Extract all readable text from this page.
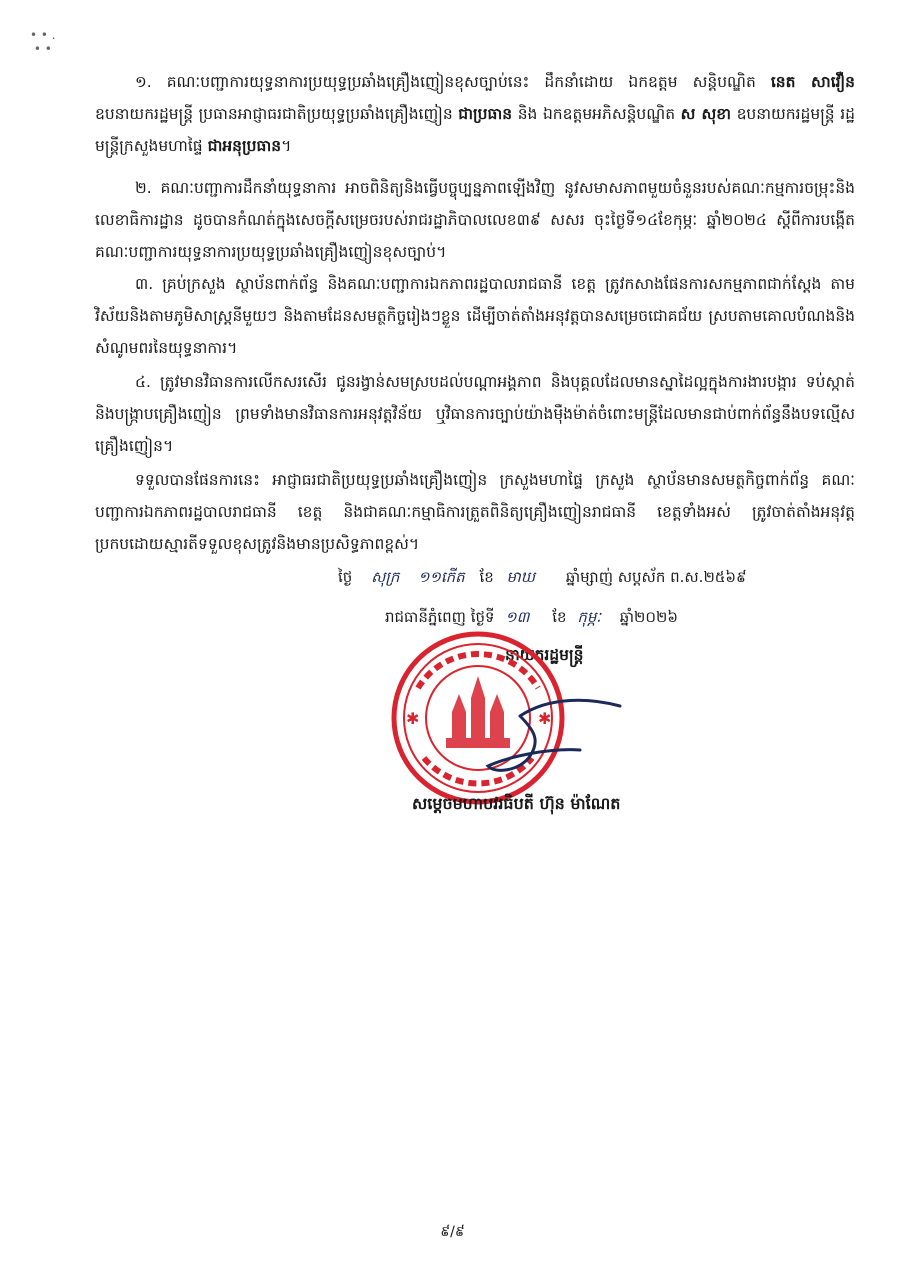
• • .
• •
១. គណៈបញ្ជាការយុទ្ធនាការប្រយុទ្ធប្រឆាំងគ្រឿងញៀនខុសច្បាប់នេះ ដឹកនាំដោយ ឯកឧត្តម សន្តិបណ្ឌិត នេត សាវឿន ឧបនាយករដ្ឋមន្ត្រី ប្រធានអាជ្ញាធរជាតិប្រយុទ្ធប្រឆាំងគ្រឿងញៀន ជាប្រធាន និង ឯកឧត្តមអភិសន្តិបណ្ឌិត ស សុខា ឧបនាយករដ្ឋមន្ត្រី រដ្ឋមន្ត្រីក្រសួងមហាផ្ទៃ ជាអនុប្រធាន។
២. គណៈបញ្ជាការដឹកនាំយុទ្ធនាការ អាចពិនិត្យនិងធ្វើបច្ចុប្បន្នភាពឡើងវិញ នូវសមាសភាពមួយចំនួនរបស់គណៈកម្មការចម្រុះនិងលេខាធិការដ្ឋាន ដូចបានកំណត់ក្នុងសេចក្តីសម្រេចរបស់រាជរដ្ឋាភិបាលលេខ៣៩ សសរ ចុះថ្ងៃទី១៤ខែកុម្ភៈ ឆ្នាំ២០២៤ ស្តីពីការបង្កើតគណៈបញ្ជាការយុទ្ធនាការប្រយុទ្ធប្រឆាំងគ្រឿងញៀនខុសច្បាប់។
៣. គ្រប់ក្រសួង ស្ថាប័នពាក់ព័ន្ធ និងគណៈបញ្ជាការឯកភាពរដ្ឋបាលរាជធានី ខេត្ត ត្រូវកសាងផែនការសកម្មភាពជាក់ស្តែង តាមវិស័យនិងតាមភូមិសាស្ត្រនីមួយៗ និងតាមដែនសមត្ថកិច្ចរៀងៗខ្លួន ដើម្បីចាត់តាំងអនុវត្តបានសម្រេចជោគជ័យ ស្របតាមគោលបំណងនិងសំណូមពរនៃយុទ្ធនាការ។
៤. ត្រូវមានវិធានការលើកសរសើរ ជូនរង្វាន់សមស្របដល់បណ្តាអង្គភាព និងបុគ្គលដែលមានស្នាដៃល្អក្នុងការងារបង្ការ ទប់ស្កាត់ និងបង្ក្រាបគ្រឿងញៀន ព្រមទាំងមានវិធានការអនុវត្តវិន័យ ឬវិធានការច្បាប់យ៉ាងម៉ឺងម៉ាត់ចំពោះមន្ត្រីដែលមានជាប់ពាក់ព័ន្ធនឹងបទល្មើសគ្រឿងញៀន។
ទទួលបានផែនការនេះ អាជ្ញាធរជាតិប្រយុទ្ធប្រឆាំងគ្រឿងញៀន ក្រសួងមហាផ្ទៃ ក្រសួង ស្ថាប័នមានសមត្ថកិច្ចពាក់ព័ន្ធ គណៈបញ្ជាការឯកភាពរដ្ឋបាលរាជធានី ខេត្ត និងជាគណៈកម្មាធិការត្រួតពិនិត្យគ្រឿងញៀនរាជធានី ខេត្តទាំងអស់ ត្រូវចាត់តាំងអនុវត្តប្រកបដោយស្មារតីទទួលខុសត្រូវនិងមានប្រសិទ្ធភាពខ្ពស់។
ថ្ងៃ សុក្រ ១១កើត ខែ មាឃ ឆ្នាំម្សាញ់ សប្តស័ក ព.ស.២៥៦៩
រាជធានីភ្នំពេញ ថ្ងៃទី ១៣ ខែ កុម្ភៈ ឆ្នាំ២០២៦
នាយករដ្ឋមន្ត្រី
✱	✱
សម្តេចមហាបវរធិបតី ហ៊ុន ម៉ាណែត
៩/៩
